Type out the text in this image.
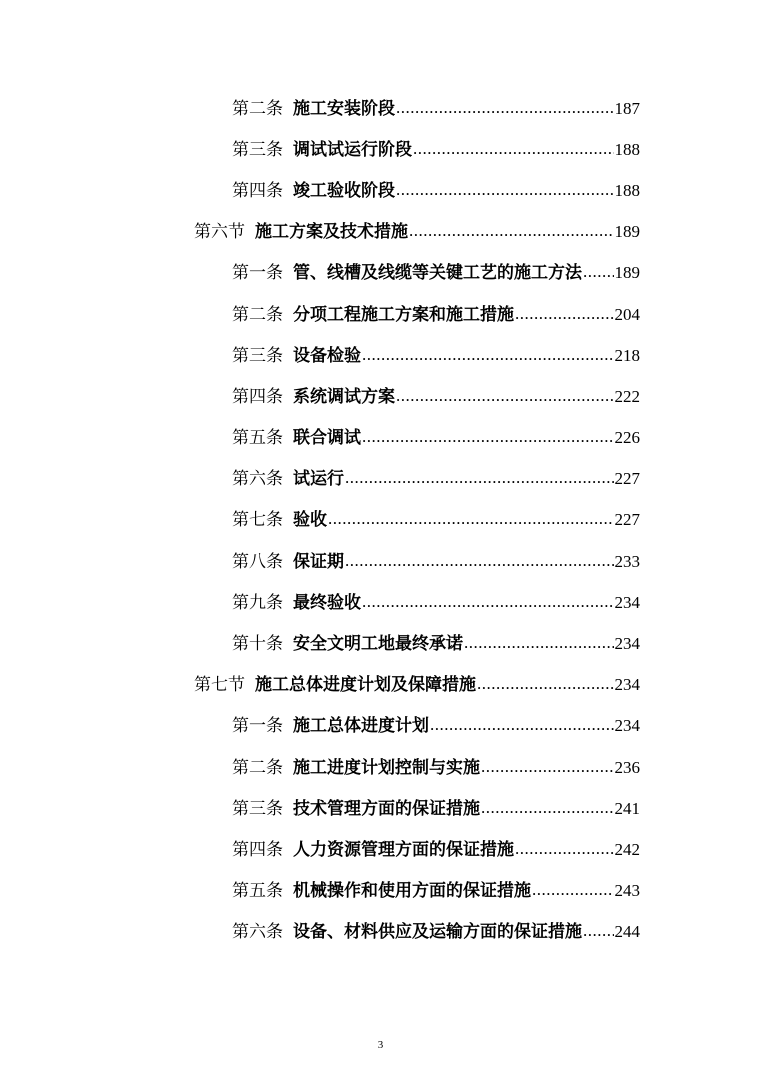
第二条 施工安装阶段 .....	187
第三条 调试试运行阶段 .....	188
第四条 竣工验收阶段 .....	188
第六节 施工方案及技术措施 .....	189
第一条 管、线槽及线缆等关键工艺的施工方法 ..... 189
第二条 分项工程施工方案和施工措施 .....	204
第三条 设备检验 .....	218
第四条 系统调试方案 .....	222
第五条 联合调试 .....	226
第六条 试运行 .....	227
第七条 验收 .....	227
第八条 保证期 .....	233
第九条 最终验收 .....	234
第十条 安全文明工地最终承诺 .....	234
第七节 施工总体进度计划及保障措施 .....	234
第一条 施工总体进度计划 .....	234
第二条 施工进度计划控制与实施 .....	236
第三条 技术管理方面的保证措施 .....	241
第四条 人力资源管理方面的保证措施 .....	242
第五条 机械操作和使用方面的保证措施 .....	243
第六条 设备、材料供应及运输方面的保证措施 ..... 244
3
